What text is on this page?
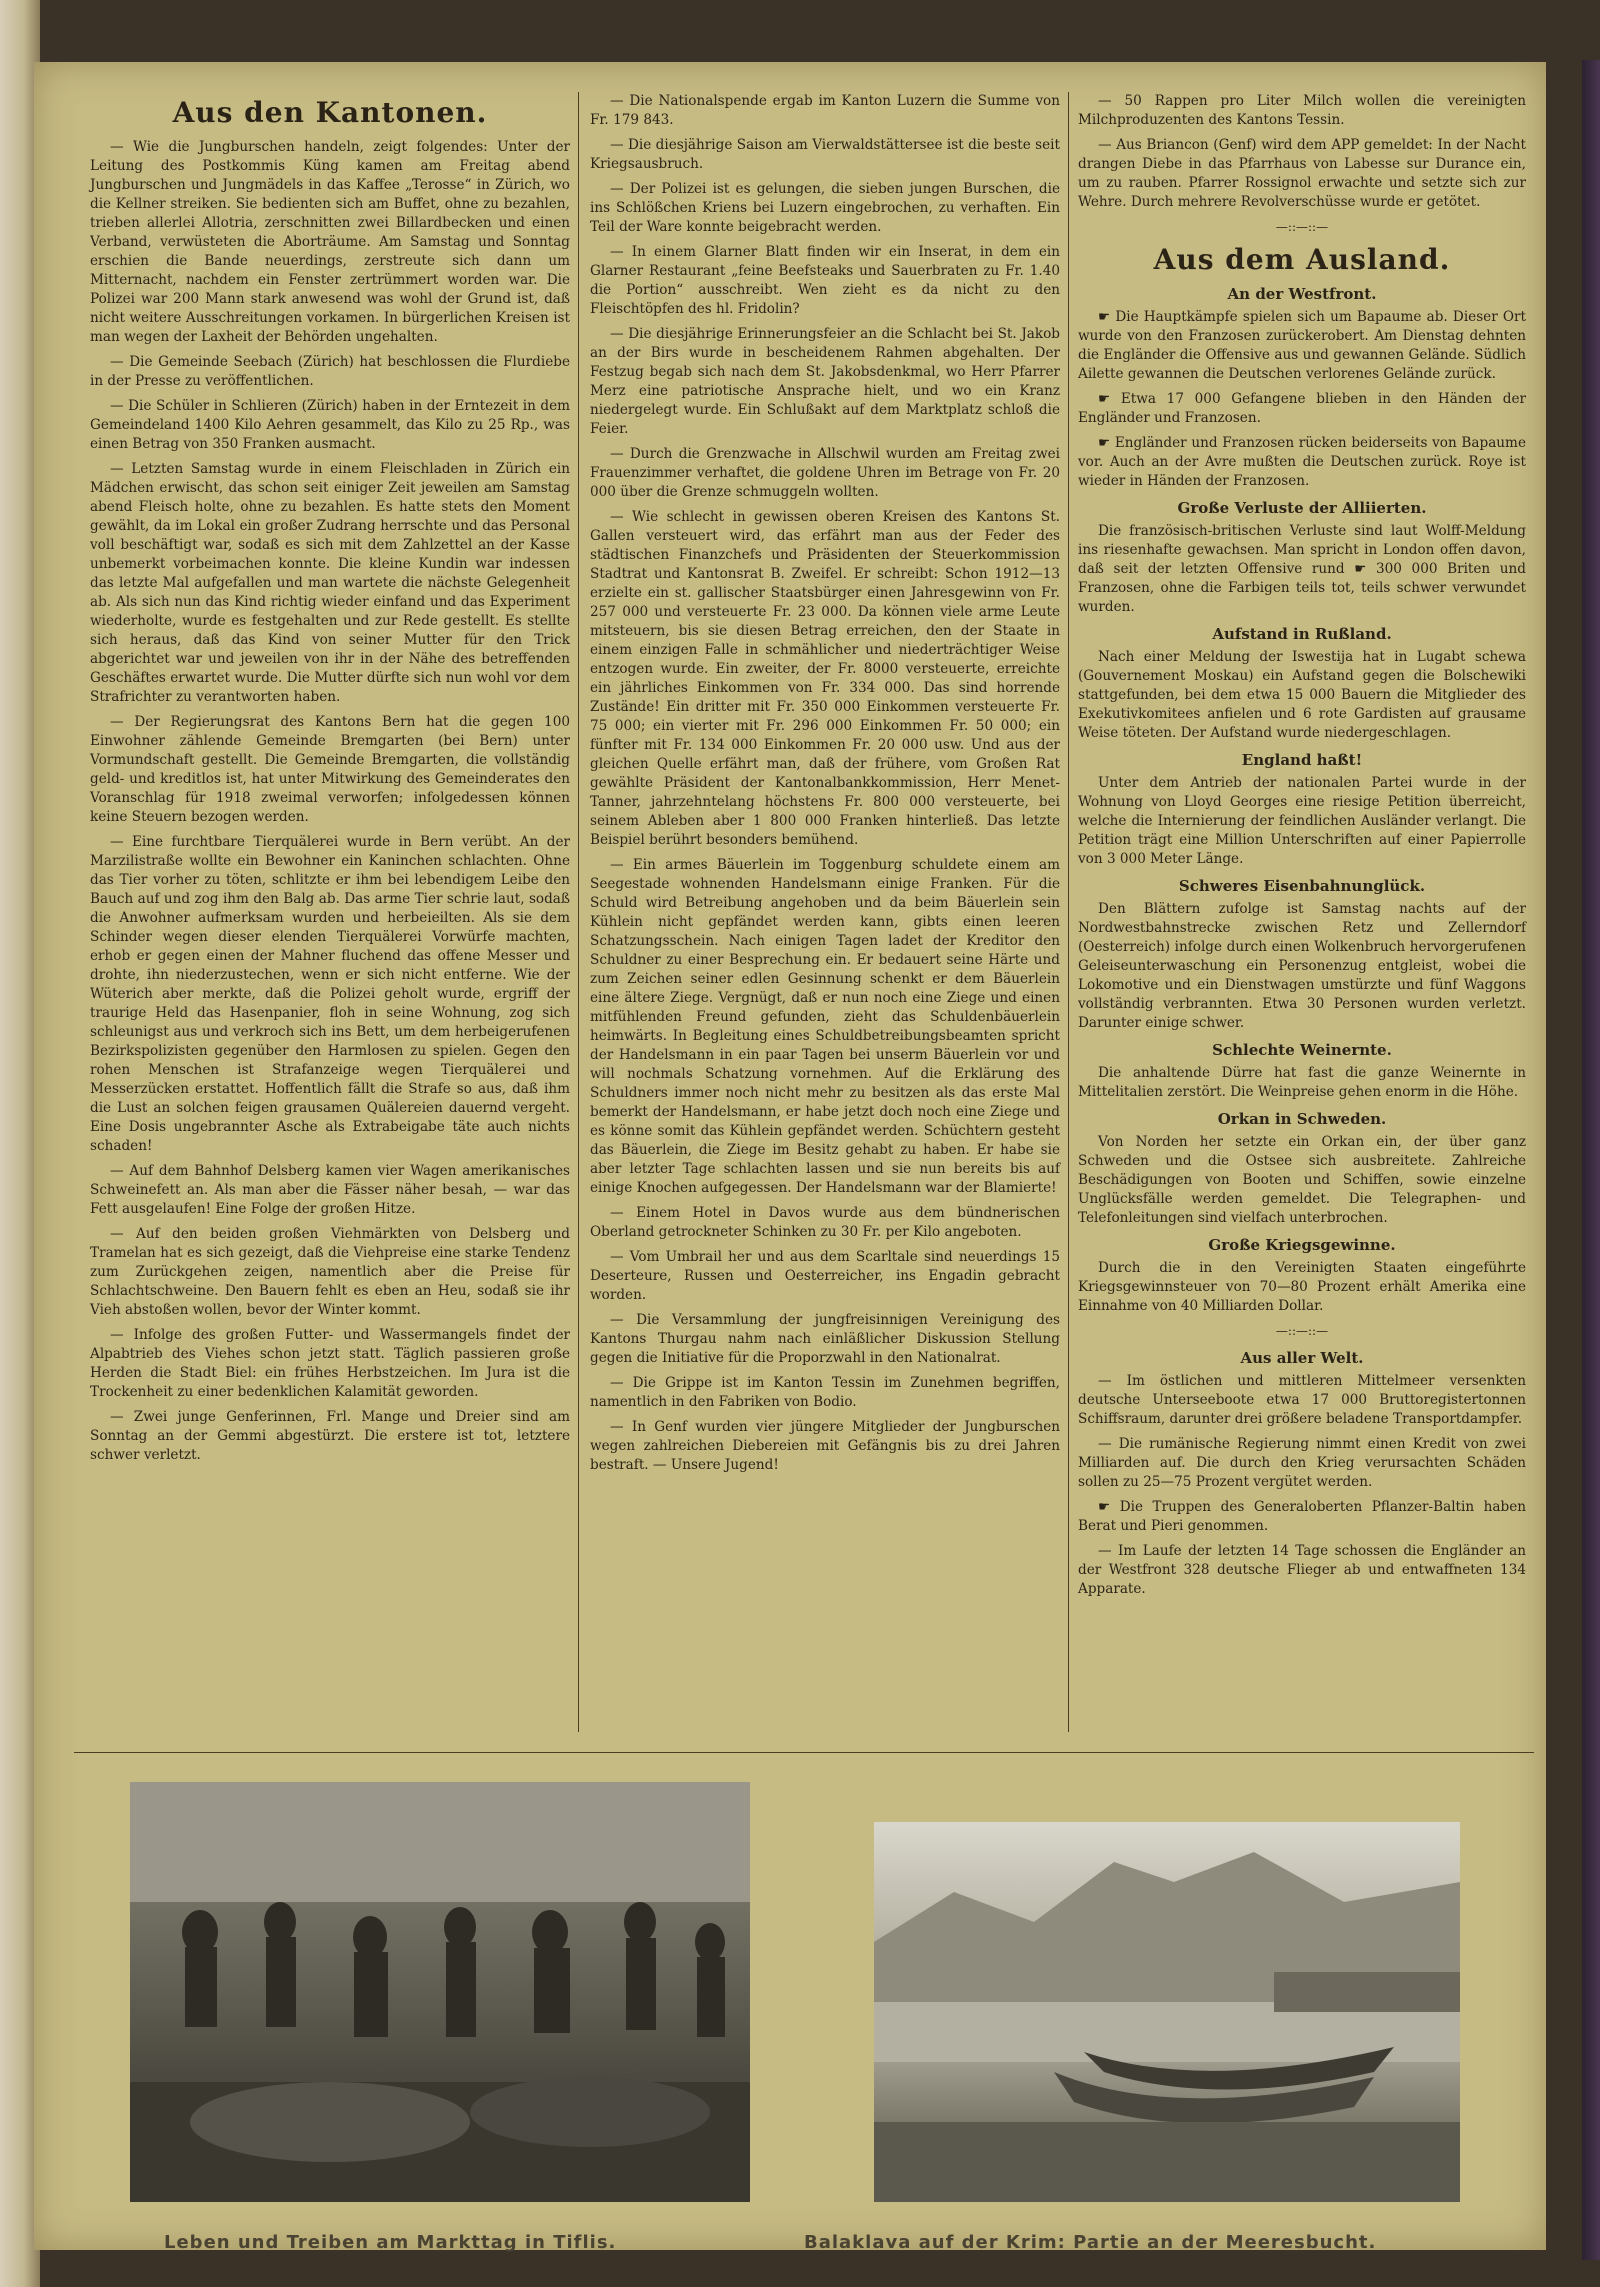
Aus den Kantonen.

— Wie die Jungburschen handeln, zeigt folgendes: Unter der Leitung des Postkommis Küng kamen am Freitag abend Jungburschen und Jungmädels in das Kaffee „Terosse“ in Zürich, wo die Kellner streiken. Sie bedienten sich am Buffet, ohne zu bezahlen, trieben allerlei Allotria, zerschnitten zwei Billardbecken und einen Verband, verwüsteten die Aborträume. Am Samstag und Sonntag erschien die Bande neuerdings, zerstreute sich dann um Mitternacht, nachdem ein Fenster zertrümmert worden war. Die Polizei war 200 Mann stark anwesend was wohl der Grund ist, daß nicht weitere Ausschreitungen vorkamen. In bürgerlichen Kreisen ist man wegen der Laxheit der Behörden ungehalten.

— Die Gemeinde Seebach (Zürich) hat beschlossen die Flurdiebe in der Presse zu veröffentlichen.

— Die Schüler in Schlieren (Zürich) haben in der Erntezeit in dem Gemeindeland 1400 Kilo Aehren gesammelt, das Kilo zu 25 Rp., was einen Betrag von 350 Franken ausmacht.

— Letzten Samstag wurde in einem Fleischladen in Zürich ein Mädchen erwischt, das schon seit einiger Zeit jeweilen am Samstag abend Fleisch holte, ohne zu bezahlen. Es hatte stets den Moment gewählt, da im Lokal ein großer Zudrang herrschte und das Personal voll beschäftigt war, sodaß es sich mit dem Zahlzettel an der Kasse unbemerkt vorbeimachen konnte. Die kleine Kundin war indessen das letzte Mal aufgefallen und man wartete die nächste Gelegenheit ab. Als sich nun das Kind richtig wieder einfand und das Experiment wiederholte, wurde es festgehalten und zur Rede gestellt. Es stellte sich heraus, daß das Kind von seiner Mutter für den Trick abgerichtet war und jeweilen von ihr in der Nähe des betreffenden Geschäftes erwartet wurde. Die Mutter dürfte sich nun wohl vor dem Strafrichter zu verantworten haben.

— Der Regierungsrat des Kantons Bern hat die gegen 100 Einwohner zählende Gemeinde Bremgarten (bei Bern) unter Vormundschaft gestellt. Die Gemeinde Bremgarten, die vollständig geld- und kreditlos ist, hat unter Mitwirkung des Gemeinderates den Voranschlag für 1918 zweimal verworfen; infolgedessen können keine Steuern bezogen werden.

— Eine furchtbare Tierquälerei wurde in Bern verübt. An der Marzilistraße wollte ein Bewohner ein Kaninchen schlachten. Ohne das Tier vorher zu töten, schlitzte er ihm bei lebendigem Leibe den Bauch auf und zog ihm den Balg ab. Das arme Tier schrie laut, sodaß die Anwohner aufmerksam wurden und herbeieilten. Als sie dem Schinder wegen dieser elenden Tierquälerei Vorwürfe machten, erhob er gegen einen der Mahner fluchend das offene Messer und drohte, ihn niederzustechen, wenn er sich nicht entferne. Wie der Wüterich aber merkte, daß die Polizei geholt wurde, ergriff der traurige Held das Hasenpanier, floh in seine Wohnung, zog sich schleunigst aus und verkroch sich ins Bett, um dem herbeigerufenen Bezirkspolizisten gegenüber den Harmlosen zu spielen. Gegen den rohen Menschen ist Strafanzeige wegen Tierquälerei und Messerzücken erstattet. Hoffentlich fällt die Strafe so aus, daß ihm die Lust an solchen feigen grausamen Quälereien dauernd vergeht. Eine Dosis ungebrannter Asche als Extrabeigabe täte auch nichts schaden!

— Auf dem Bahnhof Delsberg kamen vier Wagen amerikanisches Schweinefett an. Als man aber die Fässer näher besah, — war das Fett ausgelaufen! Eine Folge der großen Hitze.

— Auf den beiden großen Viehmärkten von Delsberg und Tramelan hat es sich gezeigt, daß die Viehpreise eine starke Tendenz zum Zurückgehen zeigen, namentlich aber die Preise für Schlachtschweine. Den Bauern fehlt es eben an Heu, sodaß sie ihr Vieh abstoßen wollen, bevor der Winter kommt.

— Infolge des großen Futter- und Wassermangels findet der Alpabtrieb des Viehes schon jetzt statt. Täglich passieren große Herden die Stadt Biel: ein frühes Herbstzeichen. Im Jura ist die Trockenheit zu einer bedenklichen Kalamität geworden.

— Zwei junge Genferinnen, Frl. Mange und Dreier sind am Sonntag an der Gemmi abgestürzt. Die erstere ist tot, letztere schwer verletzt.

— Die Nationalspende ergab im Kanton Luzern die Summe von Fr. 179 843.

— Die diesjährige Saison am Vierwaldstättersee ist die beste seit Kriegsausbruch.

— Der Polizei ist es gelungen, die sieben jungen Burschen, die ins Schlößchen Kriens bei Luzern eingebrochen, zu verhaften. Ein Teil der Ware konnte beigebracht werden.

— In einem Glarner Blatt finden wir ein Inserat, in dem ein Glarner Restaurant „feine Beefsteaks und Sauerbraten zu Fr. 1.40 die Portion“ ausschreibt. Wen zieht es da nicht zu den Fleischtöpfen des hl. Fridolin?

— Die diesjährige Erinnerungsfeier an die Schlacht bei St. Jakob an der Birs wurde in bescheidenem Rahmen abgehalten. Der Festzug begab sich nach dem St. Jakobsdenkmal, wo Herr Pfarrer Merz eine patriotische Ansprache hielt, und wo ein Kranz niedergelegt wurde. Ein Schlußakt auf dem Marktplatz schloß die Feier.

— Durch die Grenzwache in Allschwil wurden am Freitag zwei Frauenzimmer verhaftet, die goldene Uhren im Betrage von Fr. 20 000 über die Grenze schmuggeln wollten.

— Wie schlecht in gewissen oberen Kreisen des Kantons St. Gallen versteuert wird, das erfährt man aus der Feder des städtischen Finanzchefs und Präsidenten der Steuerkommission Stadtrat und Kantonsrat B. Zweifel. Er schreibt: Schon 1912—13 erzielte ein st. gallischer Staatsbürger einen Jahresgewinn von Fr. 257 000 und versteuerte Fr. 23 000. Da können viele arme Leute mitsteuern, bis sie diesen Betrag erreichen, den der Staate in einem einzigen Falle in schmählicher und niederträchtiger Weise entzogen wurde. Ein zweiter, der Fr. 8000 versteuerte, erreichte ein jährliches Einkommen von Fr. 334 000. Das sind horrende Zustände! Ein dritter mit Fr. 350 000 Einkommen versteuerte Fr. 75 000; ein vierter mit Fr. 296 000 Einkommen Fr. 50 000; ein fünfter mit Fr. 134 000 Einkommen Fr. 20 000 usw. Und aus der gleichen Quelle erfährt man, daß der frühere, vom Großen Rat gewählte Präsident der Kantonalbankkommission, Herr Menet-Tanner, jahrzehntelang höchstens Fr. 800 000 versteuerte, bei seinem Ableben aber 1 800 000 Franken hinterließ. Das letzte Beispiel berührt besonders bemühend.

— Ein armes Bäuerlein im Toggenburg schuldete einem am Seegestade wohnenden Handelsmann einige Franken. Für die Schuld wird Betreibung angehoben und da beim Bäuerlein sein Kühlein nicht gepfändet werden kann, gibts einen leeren Schatzungsschein. Nach einigen Tagen ladet der Kreditor den Schuldner zu einer Besprechung ein. Er bedauert seine Härte und zum Zeichen seiner edlen Gesinnung schenkt er dem Bäuerlein eine ältere Ziege. Vergnügt, daß er nun noch eine Ziege und einen mitfühlenden Freund gefunden, zieht das Schuldenbäuerlein heimwärts. In Begleitung eines Schuldbetreibungsbeamten spricht der Handelsmann in ein paar Tagen bei unserm Bäuerlein vor und will nochmals Schatzung vornehmen. Auf die Erklärung des Schuldners immer noch nicht mehr zu besitzen als das erste Mal bemerkt der Handelsmann, er habe jetzt doch noch eine Ziege und es könne somit das Kühlein gepfändet werden. Schüchtern gesteht das Bäuerlein, die Ziege im Besitz gehabt zu haben. Er habe sie aber letzter Tage schlachten lassen und sie nun bereits bis auf einige Knochen aufgegessen. Der Handelsmann war der Blamierte!

— Einem Hotel in Davos wurde aus dem bündnerischen Oberland getrockneter Schinken zu 30 Fr. per Kilo angeboten.

— Vom Umbrail her und aus dem Scarltale sind neuerdings 15 Deserteure, Russen und Oesterreicher, ins Engadin gebracht worden.

— Die Versammlung der jungfreisinnigen Vereinigung des Kantons Thurgau nahm nach einläßlicher Diskussion Stellung gegen die Initiative für die Proporzwahl in den Nationalrat.

— Die Grippe ist im Kanton Tessin im Zunehmen begriffen, namentlich in den Fabriken von Bodio.

— In Genf wurden vier jüngere Mitglieder der Jungburschen wegen zahlreichen Diebereien mit Gefängnis bis zu drei Jahren bestraft. — Unsere Jugend!

— 50 Rappen pro Liter Milch wollen die vereinigten Milchproduzenten des Kantons Tessin.

— Aus Briancon (Genf) wird dem APP gemeldet: In der Nacht drangen Diebe in das Pfarrhaus von Labesse sur Durance ein, um zu rauben. Pfarrer Rossignol erwachte und setzte sich zur Wehre. Durch mehrere Revolverschüsse wurde er getötet.

—::—::—
Aus dem Ausland.
An der Westfront.

☛ Die Hauptkämpfe spielen sich um Bapaume ab. Dieser Ort wurde von den Franzosen zurückerobert. Am Dienstag dehnten die Engländer die Offensive aus und gewannen Gelände. Südlich Ailette gewannen die Deutschen verlorenes Gelände zurück.

☛ Etwa 17 000 Gefangene blieben in den Händen der Engländer und Franzosen.

☛ Engländer und Franzosen rücken beiderseits von Bapaume vor. Auch an der Avre mußten die Deutschen zurück. Roye ist wieder in Händen der Franzosen.

Große Verluste der Alliierten.

Die französisch-britischen Verluste sind laut Wolff-Meldung ins riesenhafte gewachsen. Man spricht in London offen davon, daß seit der letzten Offensive rund ☛ 300 000 Briten und Franzosen, ohne die Farbigen teils tot, teils schwer verwundet wurden.

Aufstand in Rußland.

Nach einer Meldung der Iswestija hat in Lugabt schewa (Gouvernement Moskau) ein Aufstand gegen die Bolschewiki stattgefunden, bei dem etwa 15 000 Bauern die Mitglieder des Exekutivkomitees anfielen und 6 rote Gardisten auf grausame Weise töteten. Der Aufstand wurde niedergeschlagen.

England haßt!

Unter dem Antrieb der nationalen Partei wurde in der Wohnung von Lloyd Georges eine riesige Petition überreicht, welche die Internierung der feindlichen Ausländer verlangt. Die Petition trägt eine Million Unterschriften auf einer Papierrolle von 3 000 Meter Länge.

Schweres Eisenbahnunglück.

Den Blättern zufolge ist Samstag nachts auf der Nordwestbahnstrecke zwischen Retz und Zellerndorf (Oesterreich) infolge durch einen Wolkenbruch hervorgerufenen Geleiseunterwaschung ein Personenzug entgleist, wobei die Lokomotive und ein Dienstwagen umstürzte und fünf Waggons vollständig verbrannten. Etwa 30 Personen wurden verletzt. Darunter einige schwer.

Schlechte Weinernte.

Die anhaltende Dürre hat fast die ganze Weinernte in Mittelitalien zerstört. Die Weinpreise gehen enorm in die Höhe.

Orkan in Schweden.

Von Norden her setzte ein Orkan ein, der über ganz Schweden und die Ostsee sich ausbreitete. Zahlreiche Beschädigungen von Booten und Schiffen, sowie einzelne Unglücksfälle werden gemeldet. Die Telegraphen- und Telefonleitungen sind vielfach unterbrochen.

Große Kriegsgewinne.

Durch die in den Vereinigten Staaten eingeführte Kriegsgewinnsteuer von 70—80 Prozent erhält Amerika eine Einnahme von 40 Milliarden Dollar.

—::—::—
Aus aller Welt.

— Im östlichen und mittleren Mittelmeer versenkten deutsche Unterseeboote etwa 17 000 Bruttoregistertonnen Schiffsraum, darunter drei größere beladene Transportdampfer.

— Die rumänische Regierung nimmt einen Kredit von zwei Milliarden auf. Die durch den Krieg verursachten Schäden sollen zu 25—75 Prozent vergütet werden.

☛ Die Truppen des Generaloberten Pflanzer-Baltin haben Berat und Pieri genommen.

— Im Laufe der letzten 14 Tage schossen die Engländer an der Westfront 328 deutsche Flieger ab und entwaffneten 134 Apparate.

Leben und Treiben am Markttag in Tiflis.	Balaklava auf der Krim: Partie an der Meeresbucht.
